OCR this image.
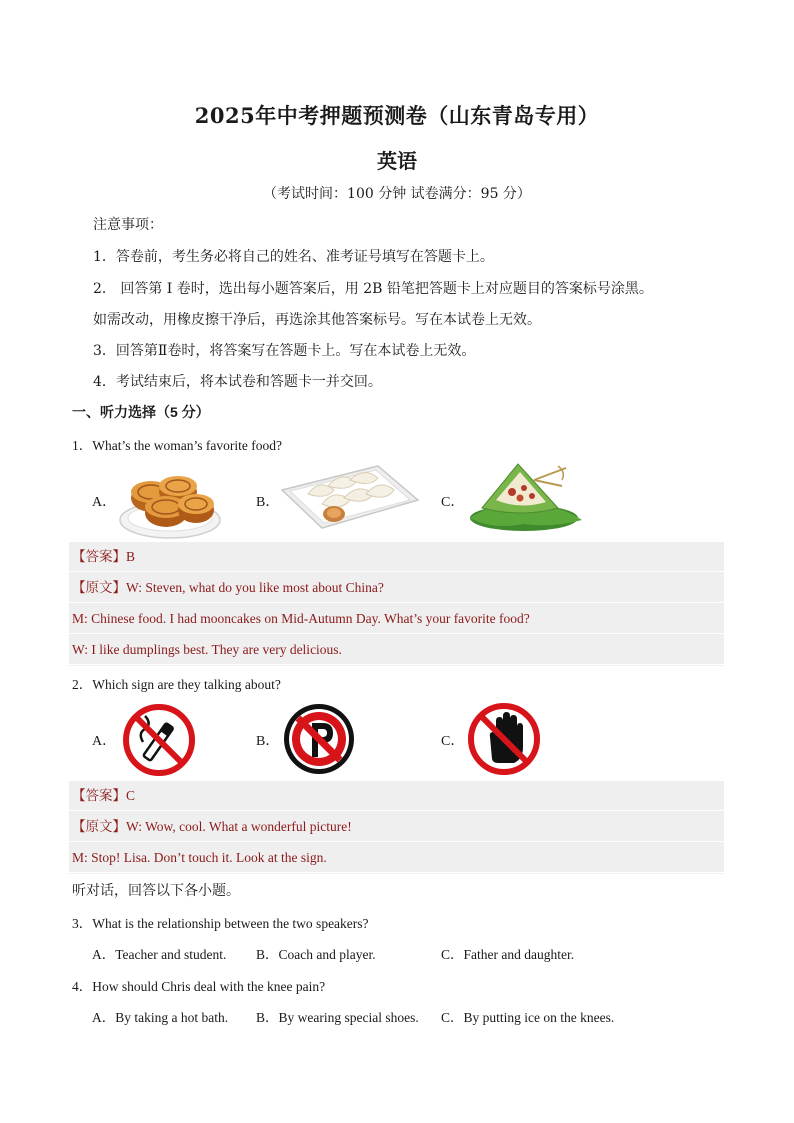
2025年中考押题预测卷（山东青岛专用）
英语
（考试时间：100 分钟 试卷满分：95 分）
注意事项：
1．答卷前，考生务必将自己的姓名、准考证号填写在答题卡上。
2． 回答第 I 卷时，选出每小题答案后，用 2B 铅笔把答题卡上对应题目的答案标号涂黑。
如需改动，用橡皮擦干净后，再选涂其他答案标号。写在本试卷上无效。
3．回答第Ⅱ卷时，将答案写在答题卡上。写在本试卷上无效。
4．考试结束后，将本试卷和答题卡一并交回。
一、听力选择（5 分）
1．What’s the woman’s favorite food?
A．	B．	C．
【答案】B
【原文】W: Steven, what do you like most about China?
M: Chinese food. I had mooncakes on Mid-Autumn Day. What’s your favorite food?
W: I like dumplings best. They are very delicious.
2．Which sign are they talking about?
A．	B．	C．
【答案】C
【原文】W: Wow, cool. What a wonderful picture!
M: Stop! Lisa. Don’t touch it. Look at the sign.
听对话，回答以下各小题。
3．What is the relationship between the two speakers?
A．Teacher and student. B．Coach and player.	C．Father and daughter.
4．How should Chris deal with the knee pain?
A．By taking a hot bath. B．By wearing special shoes. C．By putting ice on the knees.
